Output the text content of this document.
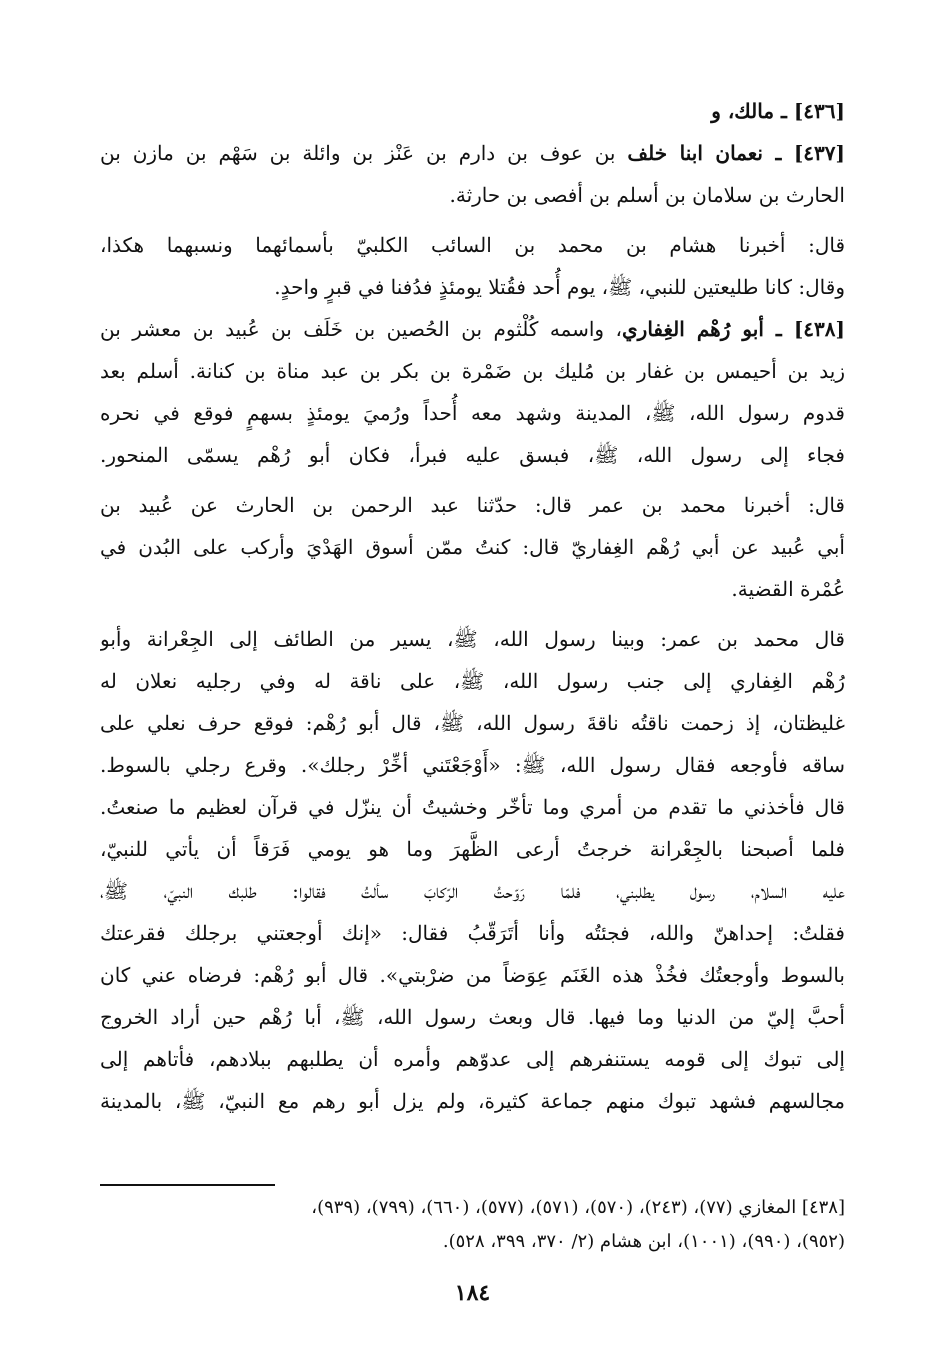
[٤٣٦] ـ مالك، و
[٤٣٧] ـ نعمان ابنا خلف بن عوف بن دارم بن عَنْز بن وائلة بن سَهْم بن مازن بن
الحارث بن سلامان بن أسلم بن أفصى بن حارثة.
قال: أخبرنا هشام بن محمد بن السائب الكلبيّ بأسمائهما ونسبهما هكذا،
وقال: كانا طليعتين للنبي، ﷺ، يوم أُحد فقُتلا يومئذٍ فدُفنا في قبرٍ واحدٍ.
[٤٣٨] ـ أبو رُهْم الغِفاري، واسمه كُلْثوم بن الحُصين بن خَلَف بن عُبيد بن معشر بن
زيد بن أحيمس بن غفار بن مُليك بن ضَمْرة بن بكر بن عبد مناة بن كنانة. أسلم بعد
قدوم رسول الله، ﷺ، المدينة وشهد معه أُحداً ورُميَ يومئذٍ بسهمٍ فوقع في نحره
فجاء إلى رسول الله، ﷺ، فبسق عليه فبرأ، فكان أبو رُهْم يسمّى المنحور.
قال: أخبرنا محمد بن عمر قال: حدّثنا عبد الرحمن بن الحارث عن عُبيد بن
أبي عُبيد عن أبي رُهْم الغِفاريّ قال: كنتُ ممّن أسوق الهَدْيَ وأركب على البُدن في
عُمْرة القضية.
قال محمد بن عمر: وبينا رسول الله، ﷺ، يسير من الطائف إلى الجِعْرانة وأبو
رُهْم الغِفاري إلى جنب رسول الله، ﷺ، على ناقة له وفي رجليه نعلان له
غليظتان، إذ زحمت ناقتُه ناقةَ رسول الله، ﷺ، قال أبو رُهْم: فوقع حرف نعلي على
ساقه فأوجعه فقال رسول الله، ﷺ: «أَوْجَعْتَني أخِّرْ رجلك». وقرع رجلي بالسوط.
قال فأخذني ما تقدم من أمري وما تأخّر وخشيتُ أن ينزّل في قرآن لعظيم ما صنعتُ.
فلما أصبحنا بالجِعْرانة خرجتُ أرعى الظَّهرَ وما هو يومي فَرَقاً أن يأتي للنبيّ،
عليه السلام، رسول يطلبني، فلمّا رَوّحتُ الرّكابَ سألتُ فقالوا: طلبك النبيّ، ﷺ،
فقلتُ: إحداهنّ والله، فجئتُه وأنا أتَرَقّبُ فقال: «إنك أوجعتني برجلك فقرعتك
بالسوط وأوجعتُك فخُذْ هذه الغَنَم عِوَضاً من ضرْبتي». قال أبو رُهْم: فرضاه عني كان
أحبَّ إليّ من الدنيا وما فيها. قال وبعث رسول الله، ﷺ، أبا رُهْم حين أراد الخروج
إلى تبوك إلى قومه يستنفرهم إلى عدوّهم وأمره أن يطلبهم ببلادهم، فأتاهم إلى
مجالسهم فشهد تبوك منهم جماعة كثيرة، ولم يزل أبو رهم مع النبيّ، ﷺ، بالمدينة
[٤٣٨] المغازي (٧٧)، (٢٤٣)، (٥٧٠)، (٥٧١)، (٥٧٧)، (٦٦٠)، (٧٩٩)، (٩٣٩)،
(٩٥٢)، (٩٩٠)، (١٠٠١)، ابن هشام (٢/ ٣٧٠، ٣٩٩، ٥٢٨).
١٨٤
